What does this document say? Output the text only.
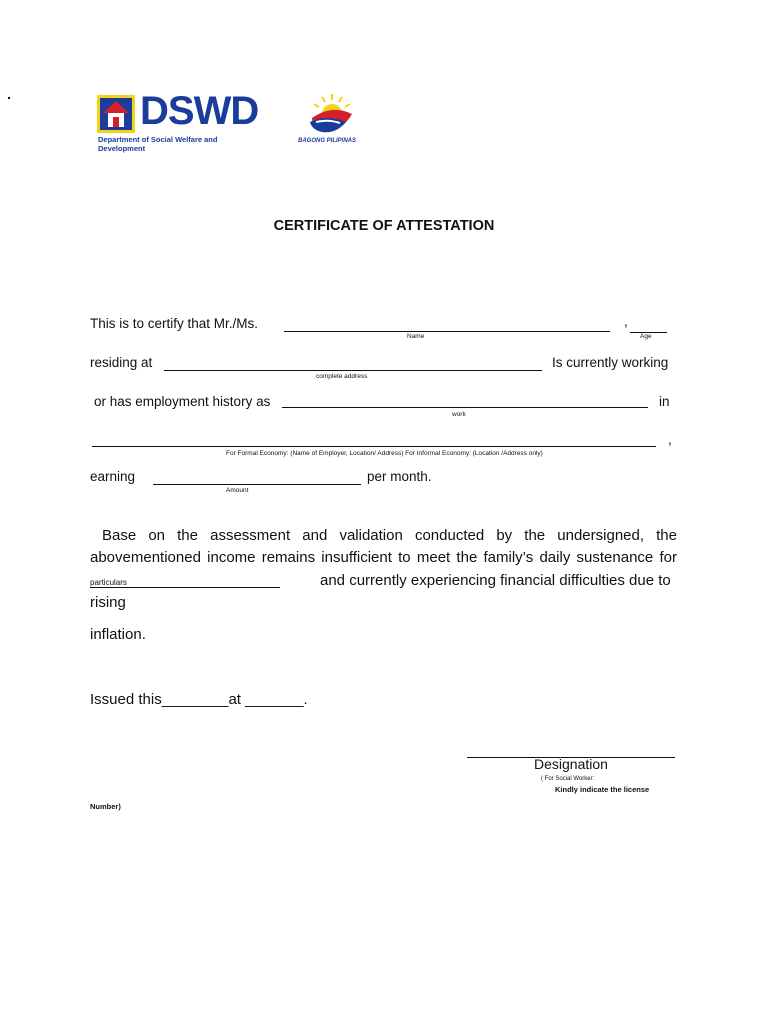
DSWD
Department of Social Welfare and Development
BAGONG PILIPINAS
CERTIFICATE OF ATTESTATION
This is to certify that Mr./Ms.
Name
,
Age
residing at
complete address
Is currently working
or has employment history as
work
in
,
For Formal Economy: (Name of Employer, Location/ Address) For Informal Economy: (Location /Address only)
earning
Amount
per month.
Base on the assessment and validation conducted by the undersigned, the
abovementioned income remains insufficient to meet the family’s daily sustenance for
particulars	and currently experiencing financial difficulties due to
rising
inflation.
Issued this________at _______.
Designation
( For Social Worker:
Kindly indicate the license
Number)
